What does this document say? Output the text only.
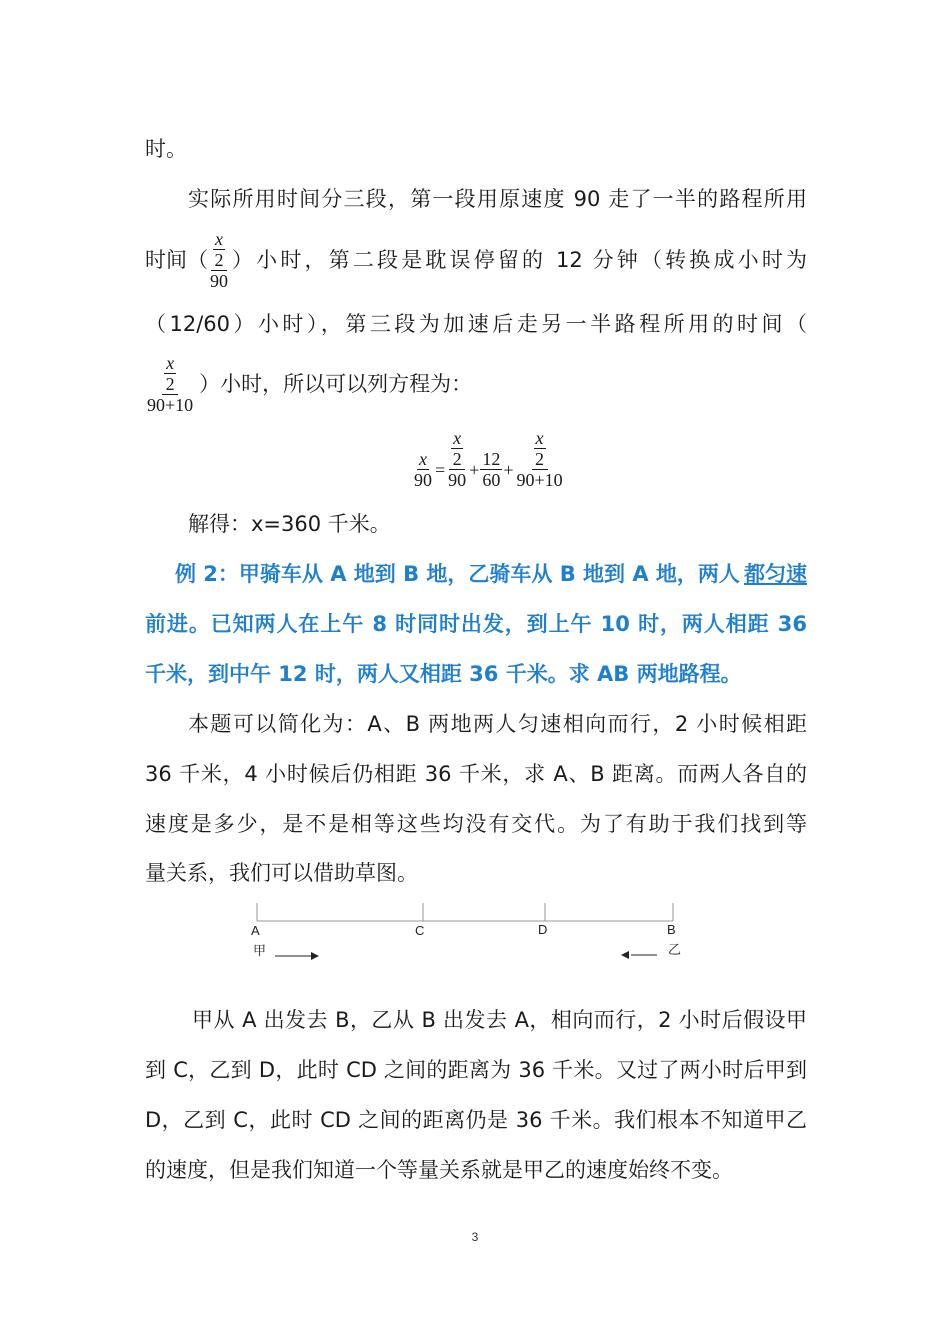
时。
实际所用时间分三段，第一段用原速度 90 走了一半的路程所用
时间（ x
2
90 ）小时，第二段是耽误停留的 12 分钟（转换成小时为
（12/60）小时），第三段为加速后走另一半路程所用的时间（
x
2
90+10 ）小时，所以可以列方程为：
$\frac{x}{90} = x$
2
$90 + \frac{12}{60} + x$
2
90+10
解得：x=360 千米。
例 2：甲骑车从 A 地到 B 地，乙骑车从 B 地到 A 地，两人 都匀速
前进。已知两人在上午 8 时同时出发，到上午 10 时，两人相距 36
千米，到中午 12 时，两人又相距 36 千米。求 AB 两地路程。
本题可以简化为：A、B 两地两人匀速相向而行，2 小时候相距
36 千米，4 小时候后仍相距 36 千米，求 A、B 距离。而两人各自的
速度是多少，是不是相等这些均没有交代。为了有助于我们找到等
量关系，我们可以借助草图。
A	C	D	B
甲	乙
甲从 A 出发去 B，乙从 B 出发去 A，相向而行，2 小时后假设甲
到 C，乙到 D，此时 CD 之间的距离为 36 千米。又过了两小时后甲到
D，乙到 C，此时 CD 之间的距离仍是 36 千米。我们根本不知道甲乙
的速度，但是我们知道一个等量关系就是甲乙的速度始终不变。
3
